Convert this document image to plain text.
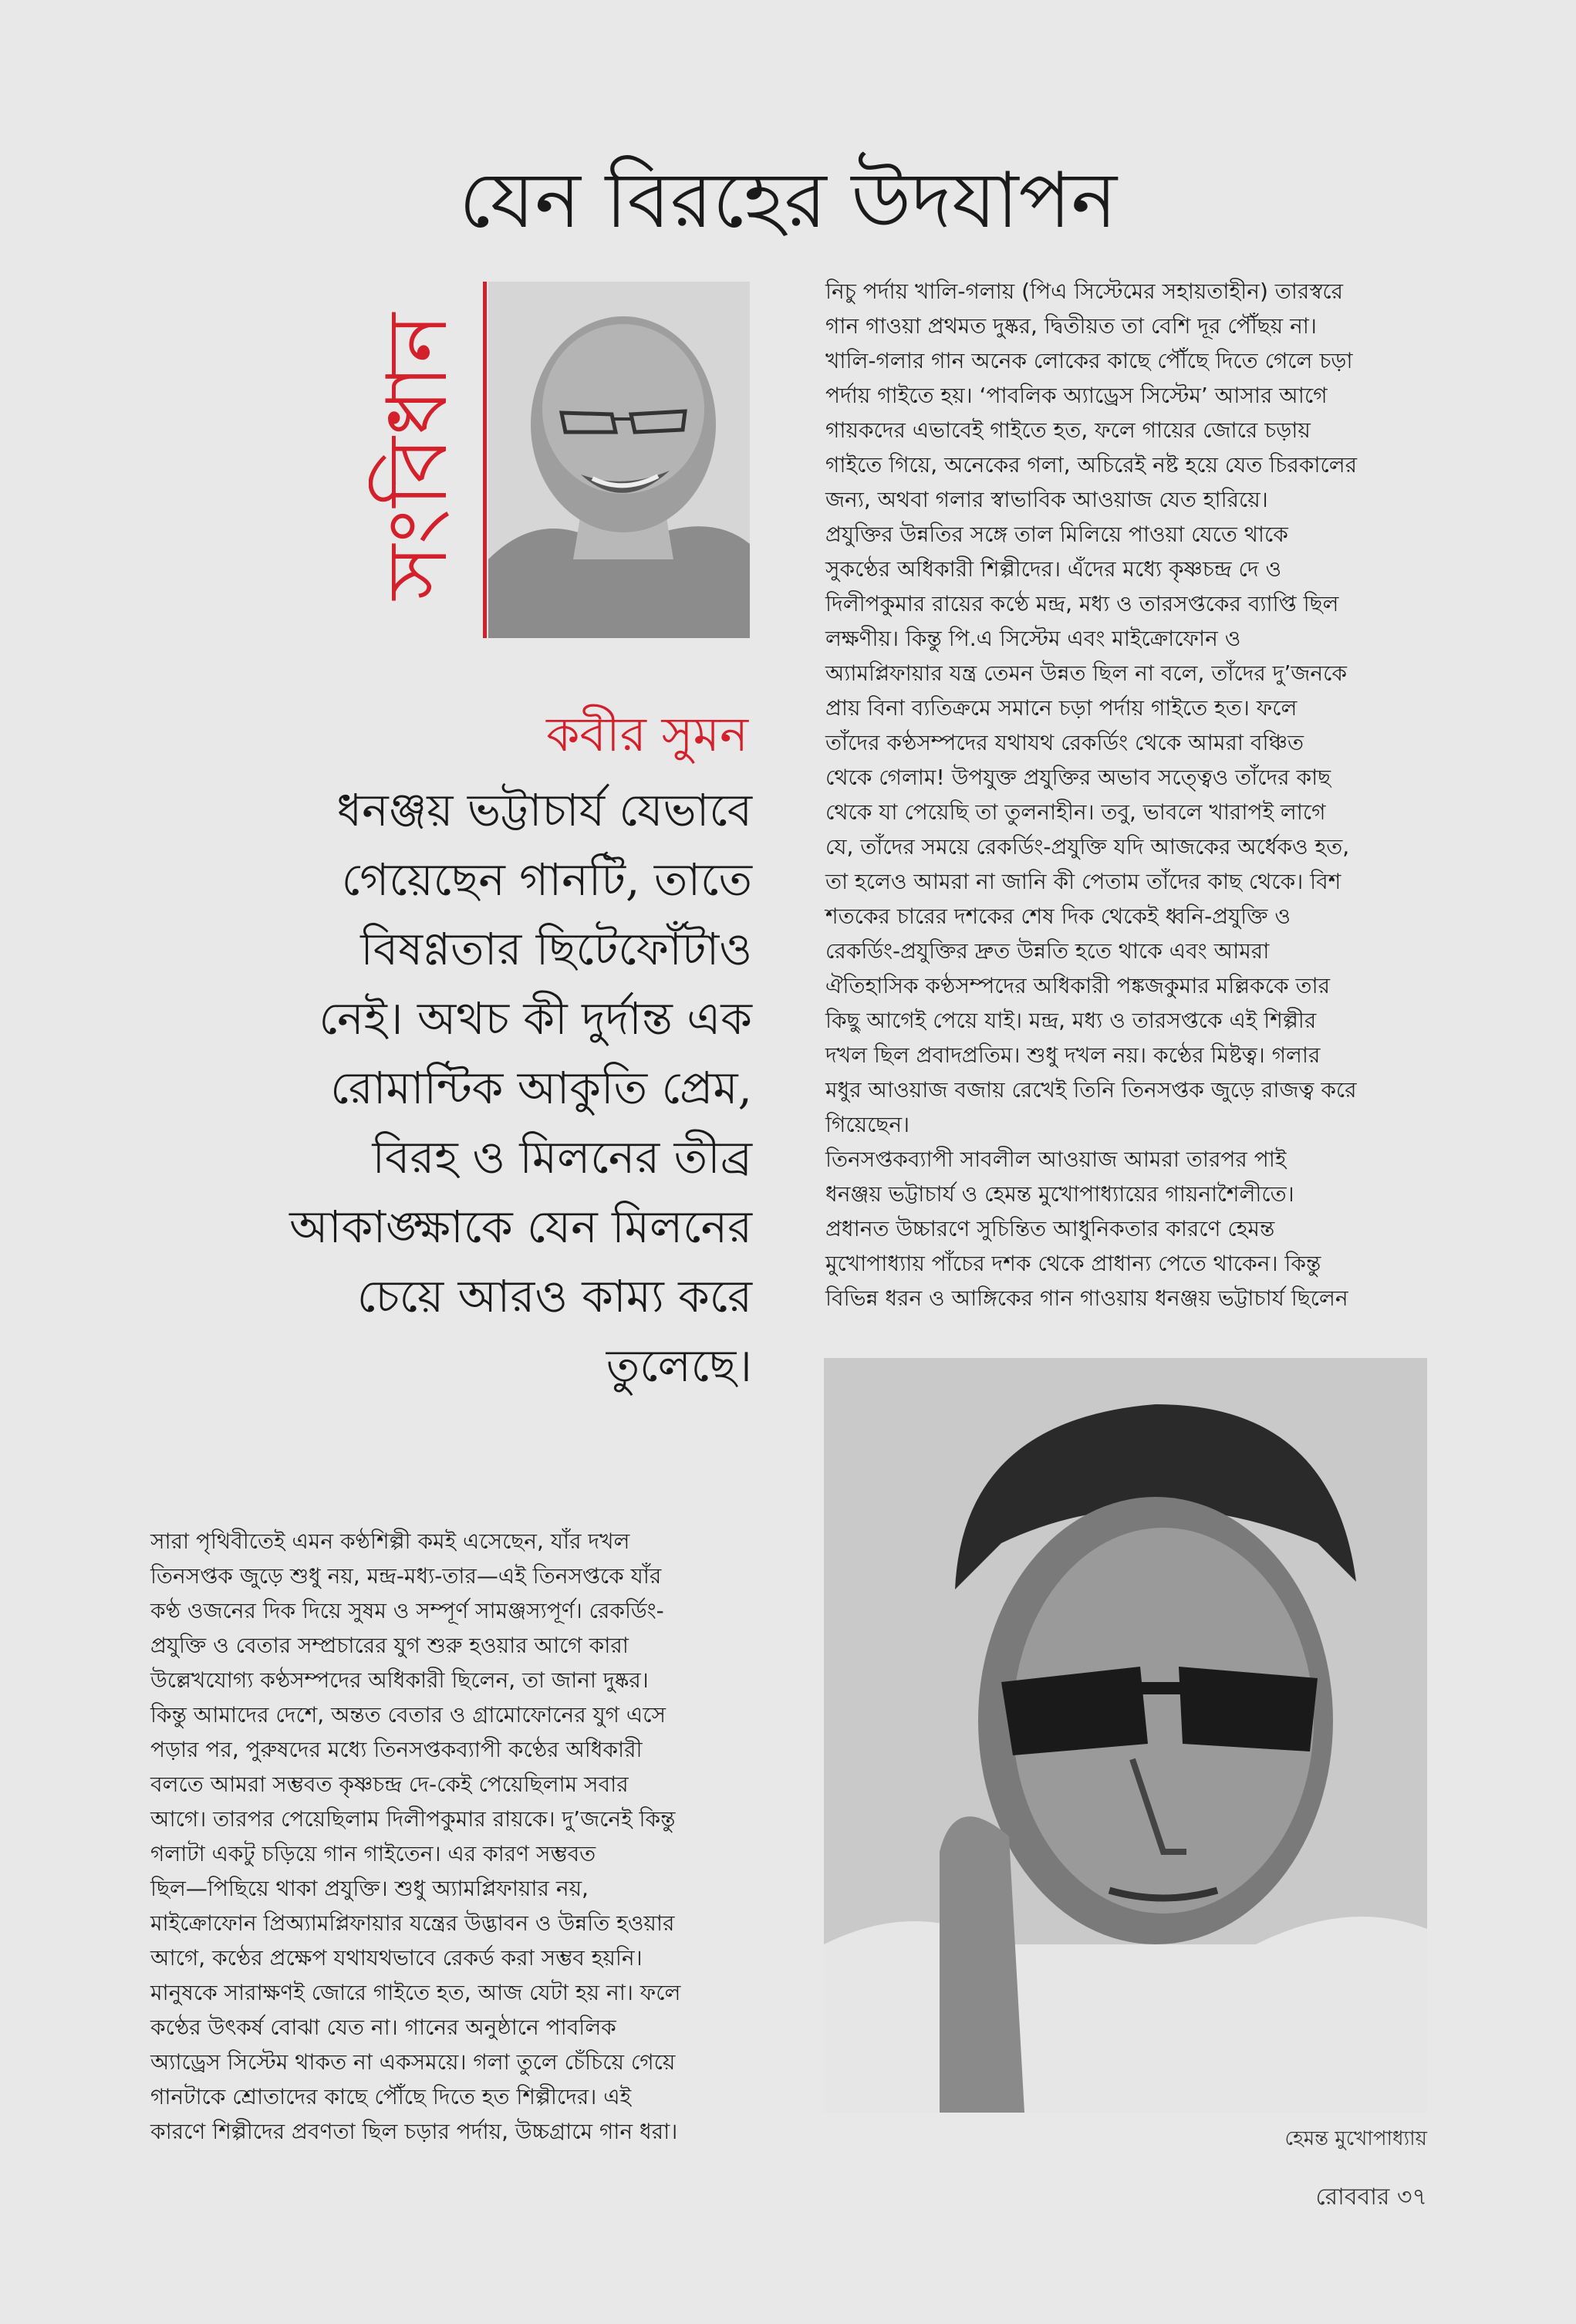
যেন বিরহের উদযাপন
সংবিধান
কবীর সুমন
ধনঞ্জয় ভট্টাচার্য যেভাবে
গেয়েছেন গানটি, তাতে
বিষণ্ণতার ছিটেফোঁটাও
নেই। অথচ কী দুর্দান্ত এক
রোমান্টিক আকুতি প্রেম,
বিরহ ও মিলনের তীব্র
আকাঙ্ক্ষাকে যেন মিলনের
চেয়ে আরও কাম্য করে
তুলেছে।
সারা পৃথিবীতেই এমন কণ্ঠশিল্পী কমই এসেছেন, যাঁর দখল
তিনসপ্তক জুড়ে শুধু নয়, মন্দ্র-মধ্য-তার—এই তিনসপ্তকে যাঁর
কণ্ঠ ওজনের দিক দিয়ে সুষম ও সম্পূর্ণ সামঞ্জস্যপূর্ণ। রেকর্ডিং-
প্রযুক্তি ও বেতার সম্প্রচারের যুগ শুরু হওয়ার আগে কারা
উল্লেখযোগ্য কণ্ঠসম্পদের অধিকারী ছিলেন, তা জানা দুষ্কর।
কিন্তু আমাদের দেশে, অন্তত বেতার ও গ্রামোফোনের যুগ এসে
পড়ার পর, পুরুষদের মধ্যে তিনসপ্তকব্যাপী কণ্ঠের অধিকারী
বলতে আমরা সম্ভবত কৃষ্ণচন্দ্র দে-কেই পেয়েছিলাম সবার
আগে। তারপর পেয়েছিলাম দিলীপকুমার রায়কে। দু’জনেই কিন্তু
গলাটা একটু চড়িয়ে গান গাইতেন। এর কারণ সম্ভবত
ছিল—পিছিয়ে থাকা প্রযুক্তি। শুধু অ্যামপ্লিফায়ার নয়,
মাইক্রোফোন প্রিঅ্যামপ্লিফায়ার যন্ত্রের উদ্ভাবন ও উন্নতি হওয়ার
আগে, কণ্ঠের প্রক্ষেপ যথাযথভাবে রেকর্ড করা সম্ভব হয়নি।
মানুষকে সারাক্ষণই জোরে গাইতে হত, আজ যেটা হয় না। ফলে
কণ্ঠের উৎকর্ষ বোঝা যেত না। গানের অনুষ্ঠানে পাবলিক
অ্যাড্রেস সিস্টেম থাকত না একসময়ে। গলা তুলে চেঁচিয়ে গেয়ে
গানটাকে শ্রোতাদের কাছে পৌঁছে দিতে হত শিল্পীদের। এই
কারণে শিল্পীদের প্রবণতা ছিল চড়ার পর্দায়, উচ্চগ্রামে গান ধরা।
নিচু পর্দায় খালি-গলায় (পিএ সিস্টেমের সহায়তাহীন) তারস্বরে
গান গাওয়া প্রথমত দুষ্কর, দ্বিতীয়ত তা বেশি দূর পৌঁছয় না।
খালি-গলার গান অনেক লোকের কাছে পৌঁছে দিতে গেলে চড়া
পর্দায় গাইতে হয়। ‘পাবলিক অ্যাড্রেস সিস্টেম’ আসার আগে
গায়কদের এভাবেই গাইতে হত, ফলে গায়ের জোরে চড়ায়
গাইতে গিয়ে, অনেকের গলা, অচিরেই নষ্ট হয়ে যেত চিরকালের
জন্য, অথবা গলার স্বাভাবিক আওয়াজ যেত হারিয়ে।
প্রযুক্তির উন্নতির সঙ্গে তাল মিলিয়ে পাওয়া যেতে থাকে
সুকণ্ঠের অধিকারী শিল্পীদের। এঁদের মধ্যে কৃষ্ণচন্দ্র দে ও
দিলীপকুমার রায়ের কণ্ঠে মন্দ্র, মধ্য ও তারসপ্তকের ব্যাপ্তি ছিল
লক্ষণীয়। কিন্তু পি.এ সিস্টেম এবং মাইক্রোফোন ও
অ্যামপ্লিফায়ার যন্ত্র তেমন উন্নত ছিল না বলে, তাঁদের দু’জনকে
প্রায় বিনা ব্যতিক্রমে সমানে চড়া পর্দায় গাইতে হত। ফলে
তাঁদের কণ্ঠসম্পদের যথাযথ রেকর্ডিং থেকে আমরা বঞ্চিত
থেকে গেলাম! উপযুক্ত প্রযুক্তির অভাব সত্ত্বেও তাঁদের কাছ
থেকে যা পেয়েছি তা তুলনাহীন। তবু, ভাবলে খারাপই লাগে
যে, তাঁদের সময়ে রেকর্ডিং-প্রযুক্তি যদি আজকের অর্ধেকও হত,
তা হলেও আমরা না জানি কী পেতাম তাঁদের কাছ থেকে। বিশ
শতকের চারের দশকের শেষ দিক থেকেই ধ্বনি-প্রযুক্তি ও
রেকর্ডিং-প্রযুক্তির দ্রুত উন্নতি হতে থাকে এবং আমরা
ঐতিহাসিক কণ্ঠসম্পদের অধিকারী পঙ্কজকুমার মল্লিককে তার
কিছু আগেই পেয়ে যাই। মন্দ্র, মধ্য ও তারসপ্তকে এই শিল্পীর
দখল ছিল প্রবাদপ্রতিম। শুধু দখল নয়। কণ্ঠের মিষ্টত্ব। গলার
মধুর আওয়াজ বজায় রেখেই তিনি তিনসপ্তক জুড়ে রাজত্ব করে
গিয়েছেন।
তিনসপ্তকব্যাপী সাবলীল আওয়াজ আমরা তারপর পাই
ধনঞ্জয় ভট্টাচার্য ও হেমন্ত মুখোপাধ্যায়ের গায়নাশৈলীতে।
প্রধানত উচ্চারণে সুচিন্তিত আধুনিকতার কারণে হেমন্ত
মুখোপাধ্যায় পাঁচের দশক থেকে প্রাধান্য পেতে থাকেন। কিন্তু
বিভিন্ন ধরন ও আঙ্গিকের গান গাওয়ায় ধনঞ্জয় ভট্টাচার্য ছিলেন
হেমন্ত মুখোপাধ্যায়
রোববার ৩৭
